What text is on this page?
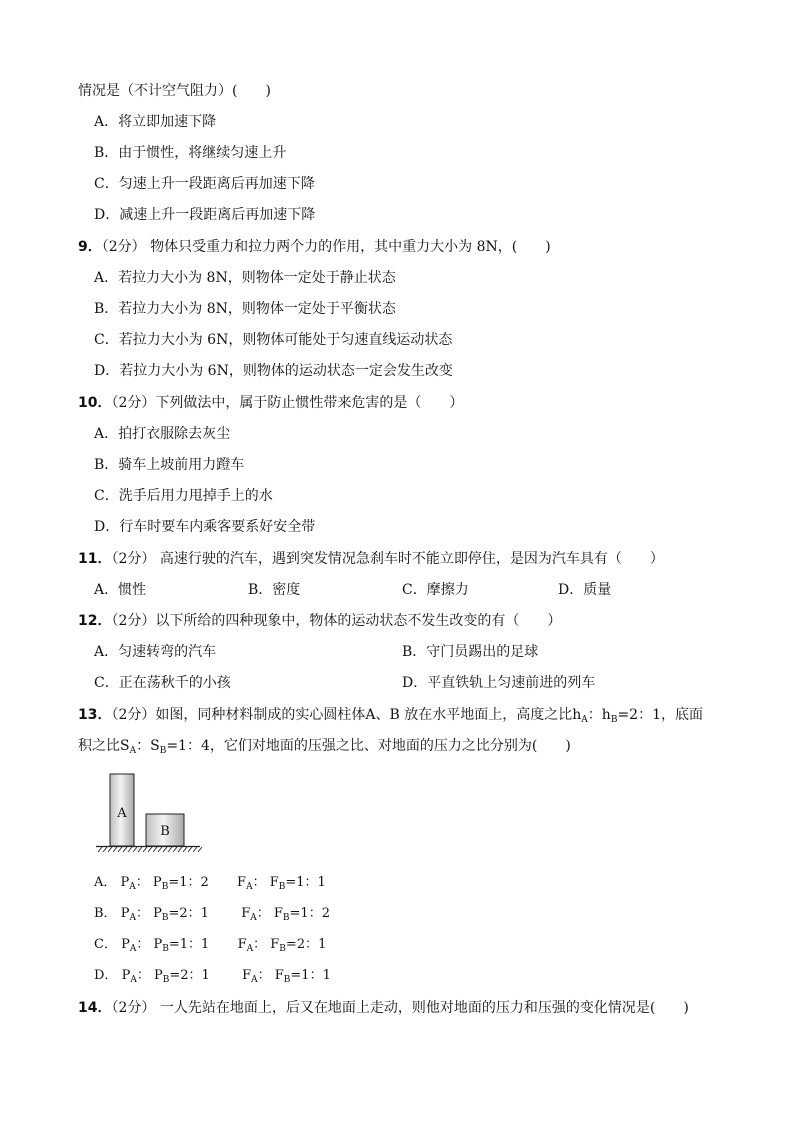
情况是（不计空气阻力）(　　)
A．将立即加速下降
B．由于惯性，将继续匀速上升
C．匀速上升一段距离后再加速下降
D．减速上升一段距离后再加速下降
9．（2分） 物体只受重力和拉力两个力的作用，其中重力大小为 8N，(　　)
A．若拉力大小为 8N，则物体一定处于静止状态
B．若拉力大小为 8N，则物体一定处于平衡状态
C．若拉力大小为 6N，则物体可能处于匀速直线运动状态
D．若拉力大小为 6N，则物体的运动状态一定会发生改变
10．（2分）下列做法中，属于防止惯性带来危害的是（　　）
A．拍打衣服除去灰尘
B．骑车上坡前用力蹬车
C．洗手后用力甩掉手上的水
D．行车时要车内乘客要系好安全带
11．（2分） 高速行驶的汽车，遇到突发情况急刹车时不能立即停住，是因为汽车具有（　　）
A．惯性	B．密度	C．摩擦力	D．质量
12．（2分）以下所给的四种现象中，物体的运动状态不发生改变的有（　　）
A．匀速转弯的汽车	B．守门员踢出的足球
C．正在荡秋千的小孩	D．平直铁轨上匀速前进的列车
13．（2分）如图，同种材料制成的实心圆柱体A、B 放在水平地面上，高度之比$h_A$：$h_B=2$：1，底面
积之比$S_A$：$S_B=1$：4，它们对地面的压强之比、对地面的压力之比分别为(　　)
A
B
A． $P_A$： $P_B=1$：2 $F_A$： $F_B=1$：1
B． $P_A$： $P_B=2$：1 $F_A$： $F_B=1$：2
C． $P_A$： $P_B=1$：1 $F_A$： $F_B=2$：1
D． $P_A$： $P_B=2$：1 $F_A$： $F_B=1$：1
14．（2分） 一人先站在地面上，后又在地面上走动，则他对地面的压力和压强的变化情况是(　　)
